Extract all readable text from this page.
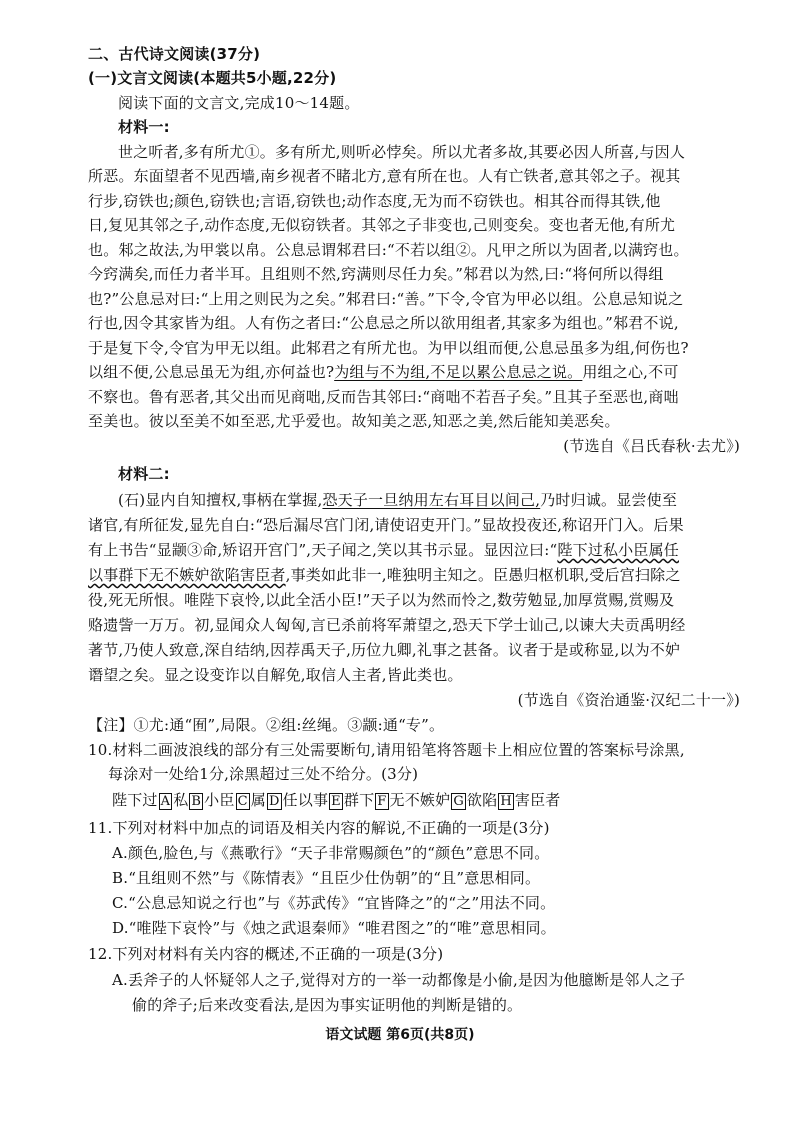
二、古代诗文阅读(37分)
(一)文言文阅读(本题共5小题,22分)
阅读下面的文言文,完成10～14题。
材料一:
世之听者,多有所尤①。多有所尤,则听必悖矣。所以尤者多故,其要必因人所喜,与因人
所恶。东面望者不见西墙,南乡视者不睹北方,意有所在也。人有亡铁者,意其邻之子。视其
行步,窃铁也;颜色,窃铁也;言语,窃铁也;动作态度,无为而不窃铁也。相其谷而得其铁,他
日,复见其邻之子,动作态度,无似窃铁者。其邻之子非变也,己则变矣。变也者无他,有所尤
也。邾之故法,为甲裳以帛。公息忌谓邾君曰:“不若以组②。凡甲之所以为固者,以满窍也。
今窍满矣,而任力者半耳。且组则不然,窍满则尽任力矣。”邾君以为然,曰:“将何所以得组
也?”公息忌对曰:“上用之则民为之矣。”邾君曰:“善。”下令,令官为甲必以组。公息忌知说之
行也,因令其家皆为组。人有伤之者曰:“公息忌之所以欲用组者,其家多为组也。”邾君不说,
于是复下令,令官为甲无以组。此邾君之有所尤也。为甲以组而便,公息忌虽多为组,何伤也?
以组不便,公息忌虽无为组,亦何益也?为组与不为组,不足以累公息忌之说。用组之心,不可
不察也。鲁有恶者,其父出而见商咄,反而告其邻曰:“商咄不若吾子矣。”且其子至恶也,商咄
至美也。彼以至美不如至恶,尤乎爱也。故知美之恶,知恶之美,然后能知美恶矣。
(节选自《吕氏春秋·去尤》)
材料二:
(石)显内自知擅权,事柄在掌握,恐天子一旦纳用左右耳目以间己,乃时归诚。显尝使至
诸官,有所征发,显先自白:“恐后漏尽宫门闭,请使诏吏开门。”显故投夜还,称诏开门入。后果
有上书告“显颛③命,矫诏开宫门”,天子闻之,笑以其书示显。显因泣曰:“陛下过私小臣属任
以事群下无不嫉妒欲陷害臣者,事类如此非一,唯独明主知之。臣愚归枢机职,受后宫扫除之
役,死无所恨。唯陛下哀怜,以此全活小臣!”天子以为然而怜之,数劳勉显,加厚赏赐,赏赐及
赂遗訾一万万。初,显闻众人匈匈,言已杀前将军萧望之,恐天下学士讪己,以谏大夫贡禹明经
著节,乃使人致意,深自结纳,因荐禹天子,历位九卿,礼事之甚备。议者于是或称显,以为不妒
谮望之矣。显之设变诈以自解免,取信人主者,皆此类也。
(节选自《资治通鉴·汉纪二十一》)
【注】①尤:通“囿”,局限。②组:丝绳。③颛:通“专”。
10.材料二画波浪线的部分有三处需要断句,请用铅笔将答题卡上相应位置的答案标号涂黑,
每涂对一处给1分,涂黑超过三处不给分。(3分)
陛下过 A 私 B 小臣 C 属 D 任以事 E 群下 F 无不嫉妒 G 欲陷 H 害臣者
11.下列对材料中加点的词语及相关内容的解说,不正确的一项是(3分)
A.颜色,脸色,与《燕歌行》“天子非常赐颜色”的“颜色”意思不同。
B.“且组则不然”与《陈情表》“且臣少仕伪朝”的“且”意思相同。
C.“公息忌知说之行也”与《苏武传》“宜皆降之”的“之”用法不同。
D.“唯陛下哀怜”与《烛之武退秦师》“唯君图之”的“唯”意思相同。
12.下列对材料有关内容的概述,不正确的一项是(3分)
A.丢斧子的人怀疑邻人之子,觉得对方的一举一动都像是小偷,是因为他臆断是邻人之子
偷的斧子;后来改变看法,是因为事实证明他的判断是错的。
语文试题 第6页(共8页)
